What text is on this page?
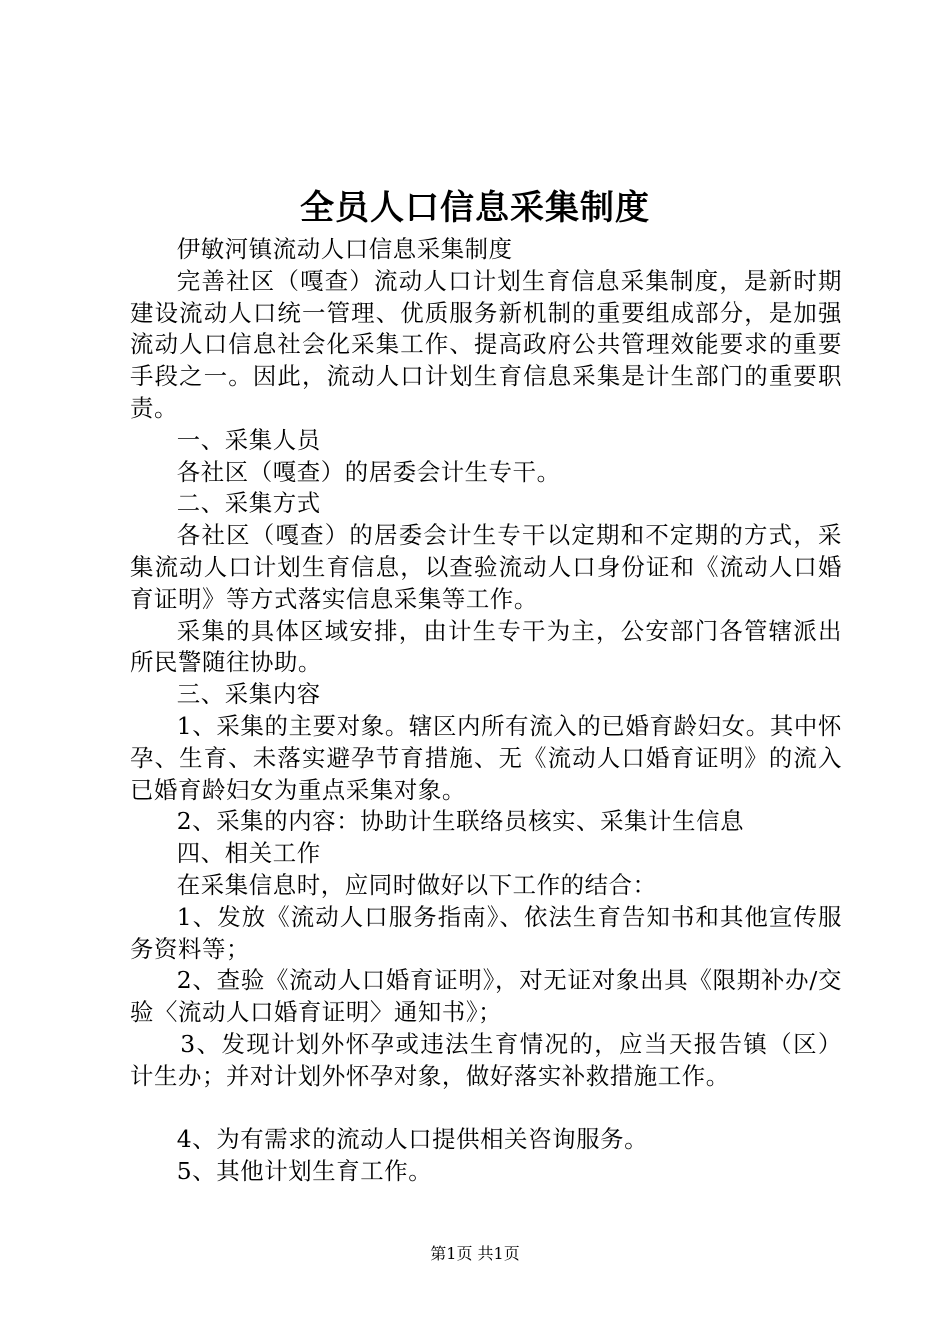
全员人口信息采集制度

伊敏河镇流动人口信息采集制度

完善社区（嘎查）流动人口计划生育信息采集制度，是新时期建设流动人口统一管理、优质服务新机制的重要组成部分，是加强流动人口信息社会化采集工作、提高政府公共管理效能要求的重要手段之一。因此，流动人口计划生育信息采集是计生部门的重要职责。

一、采集人员

各社区（嘎查）的居委会计生专干。

二、采集方式

各社区（嘎查）的居委会计生专干以定期和不定期的方式，采集流动人口计划生育信息，以查验流动人口身份证和《流动人口婚育证明》等方式落实信息采集等工作。

采集的具体区域安排，由计生专干为主，公安部门各管辖派出所民警随往协助。

三、采集内容

1、采集的主要对象。辖区内所有流入的已婚育龄妇女。其中怀孕、生育、未落实避孕节育措施、无《流动人口婚育证明》的流入已婚育龄妇女为重点采集对象。

2、采集的内容：协助计生联络员核实、采集计生信息

四、相关工作

在采集信息时，应同时做好以下工作的结合：

1、发放《流动人口服务指南》、依法生育告知书和其他宣传服务资料等；

2、查验《流动人口婚育证明》，对无证对象出具《限期补办/交验〈流动人口婚育证明〉通知书》；

3、发现计划外怀孕或违法生育情况的，应当天报告镇（区）计生办；并对计划外怀孕对象，做好落实补救措施工作。

4、为有需求的流动人口提供相关咨询服务。

5、其他计划生育工作。

第1页 共1页
